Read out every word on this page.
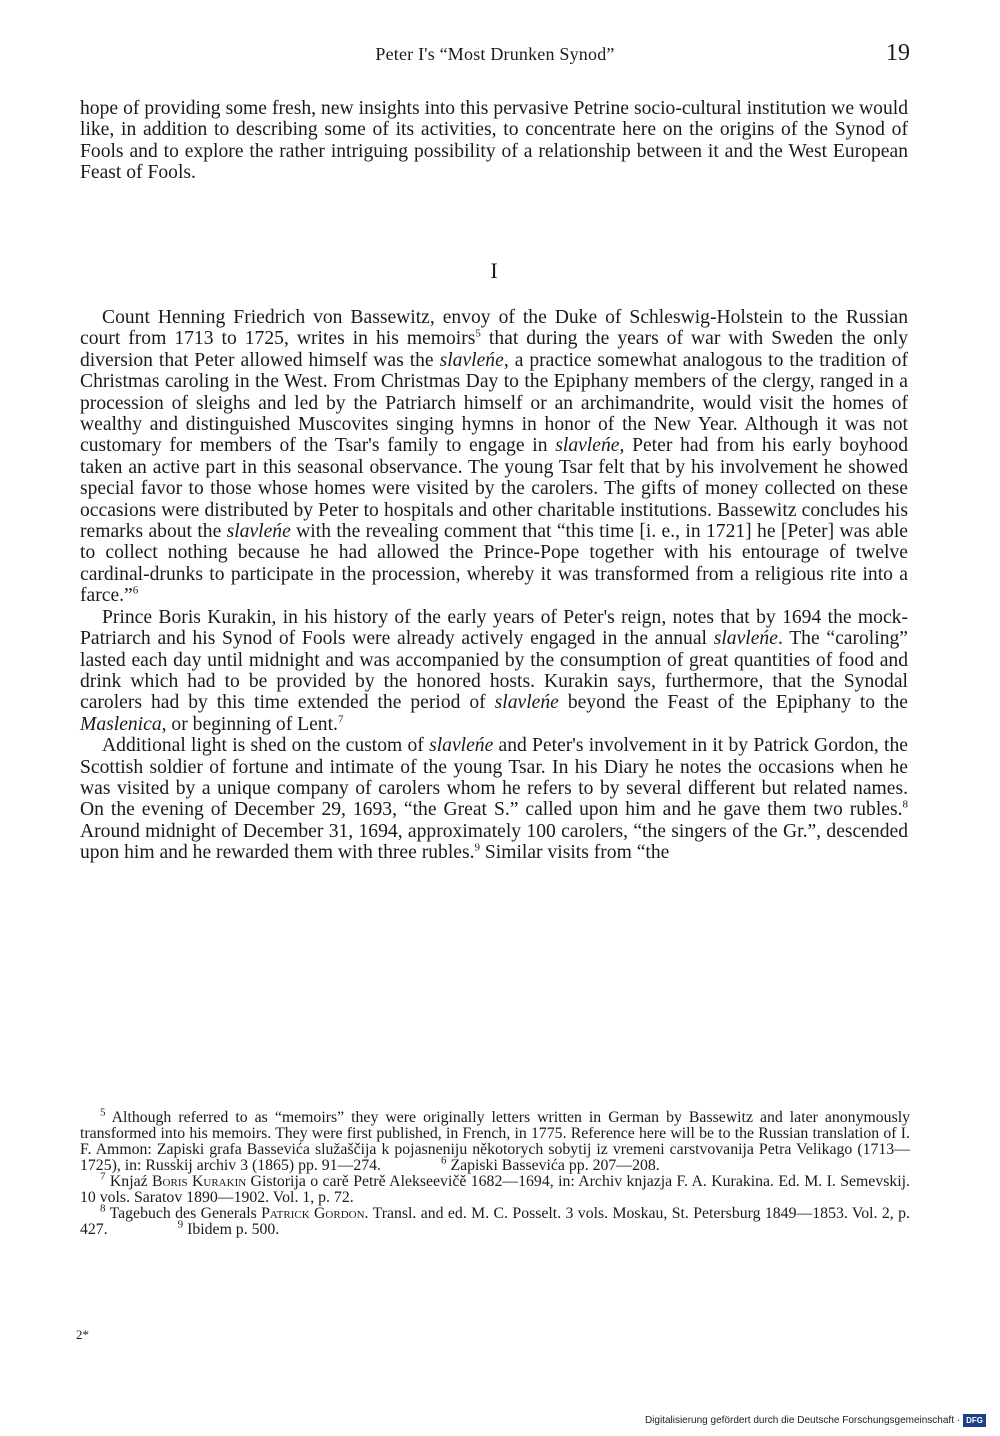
Peter I's “Most Drunken Synod”	19

hope of providing some fresh, new insights into this pervasive Petrine socio-cultural institution we would like, in addition to describing some of its activities, to concentrate here on the origins of the Synod of Fools and to explore the rather intriguing possibility of a relationship between it and the West European Feast of Fools.

I

Count Henning Friedrich von Bassewitz, envoy of the Duke of Schleswig-Holstein to the Russian court from 1713 to 1725, writes in his memoirs$^5$ that during the years of war with Sweden the only diversion that Peter allowed himself was the slavleńe, a practice somewhat analogous to the tradition of Christmas caroling in the West. From Christmas Day to the Epiphany members of the clergy, ranged in a procession of sleighs and led by the Patriarch himself or an archimandrite, would visit the homes of wealthy and distinguished Muscovites singing hymns in honor of the New Year. Although it was not customary for members of the Tsar's family to engage in slavleńe, Peter had from his early boyhood taken an active part in this seasonal observance. The young Tsar felt that by his involvement he showed special favor to those whose homes were visited by the carolers. The gifts of money collected on these occasions were distributed by Peter to hospitals and other charitable institutions. Bassewitz concludes his remarks about the slavleńe with the revealing comment that “this time [i. e., in 1721] he [Peter] was able to collect nothing because he had allowed the Prince-Pope together with his entourage of twelve cardinal-drunks to participate in the procession, whereby it was transformed from a religious rite into a farce.”$^6$

Prince Boris Kurakin, in his history of the early years of Peter's reign, notes that by 1694 the mock-Patriarch and his Synod of Fools were already actively engaged in the annual slavleńe. The “caroling” lasted each day until midnight and was accompanied by the consumption of great quantities of food and drink which had to be provided by the honored hosts. Kurakin says, furthermore, that the Synodal carolers had by this time extended the period of slavleńe beyond the Feast of the Epiphany to the Maslenica, or beginning of Lent.$^7$

Additional light is shed on the custom of slavleńe and Peter's involvement in it by Patrick Gordon, the Scottish soldier of fortune and intimate of the young Tsar. In his Diary he notes the occasions when he was visited by a unique company of carolers whom he refers to by several different but related names. On the evening of December 29, 1693, “the Great S.” called upon him and he gave them two rubles.$^8$ Around midnight of December 31, 1694, approximately 100 carolers, “the singers of the Gr.”, descended upon him and he rewarded them with three rubles.$^9$ Similar visits from “the

$^5$ Although referred to as “memoirs” they were originally letters written in German by Bassewitz and later anonymously transformed into his memoirs. They were first published, in French, in 1775. Reference here will be to the Russian translation of I. F. Ammon: Zapiski grafa Bassevića služaščija k pojasneniju někotorych sobytij iz vremeni carstvovanija Petra Velikago (1713—1725), in: Russkij archiv 3 (1865) pp. 91—274.	$^6$ Zapiski Bassevića pp. 207—208.

$^7$ Knjaź Boris Kurakin Gistorija o carě Petrě Alekseevičě 1682—1694, in: Archiv knjazja F. A. Kurakina. Ed. M. I. Semevskij. 10 vols. Saratov 1890—1902. Vol. 1, p. 72.

$^8$ Tagebuch des Generals Patrick Gordon. Transl. and ed. M. C. Posselt. 3 vols. Moskau, St. Petersburg 1849—1853. Vol. 2, p. 427.	$^9$ Ibidem p. 500.

2*
Digitalisierung gefördert durch die Deutsche Forschungsgemeinschaft · DFG
